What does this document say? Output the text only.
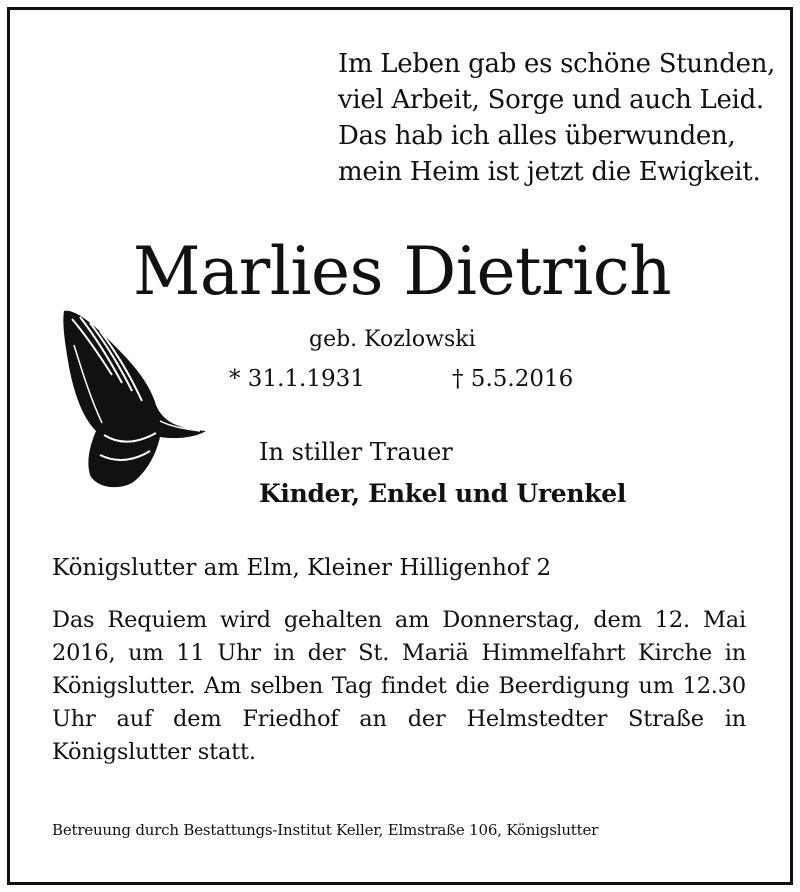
Im Leben gab es schöne Stunden,
viel Arbeit, Sorge und auch Leid.
Das hab ich alles überwunden,
mein Heim ist jetzt die Ewigkeit.
Marlies Dietrich
geb. Kozlowski
* 31.1.1931	† 5.5.2016
In stiller Trauer
Kinder, Enkel und Urenkel
Königslutter am Elm, Kleiner Hilligenhof 2
Das Requiem wird gehalten am Donnerstag, dem 12. Mai 2016, um 11 Uhr in der St. Mariä Himmelfahrt Kirche in Königslutter. Am selben Tag findet die Beerdigung um 12.30 Uhr auf dem Friedhof an der Helmstedter Straße in Königslutter statt.
Betreuung durch Bestattungs-Institut Keller, Elmstraße 106, Königslutter
